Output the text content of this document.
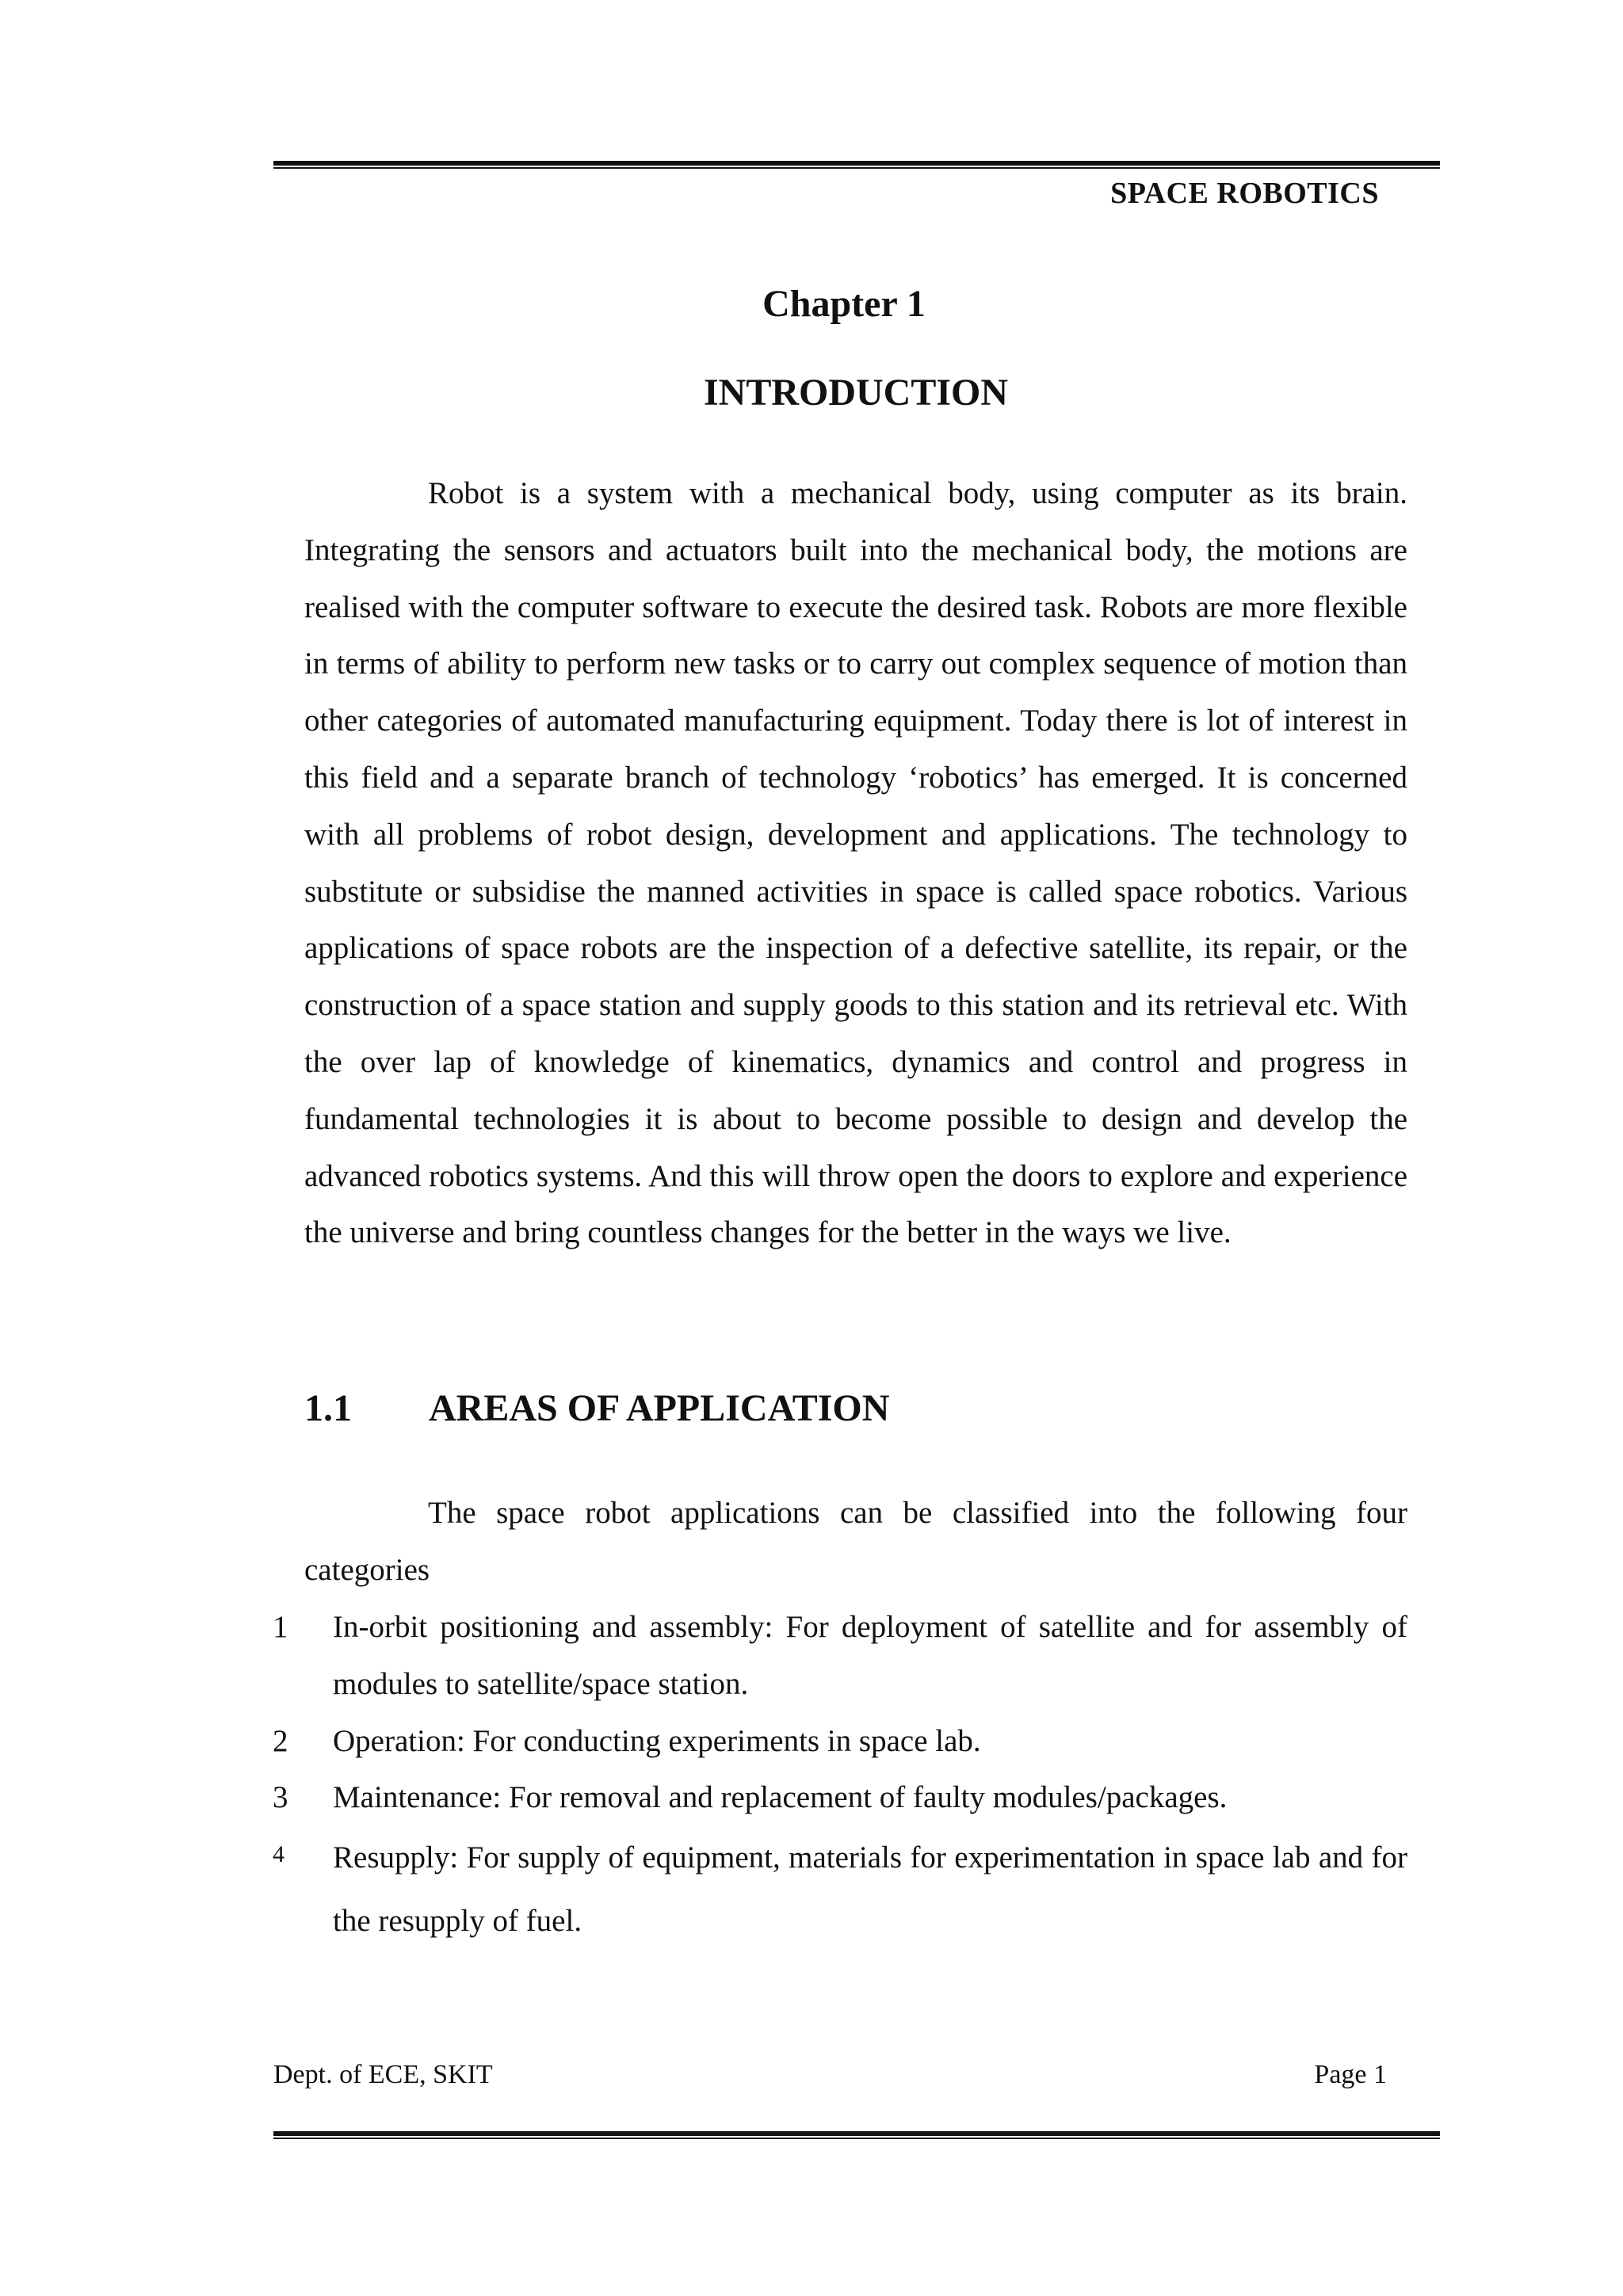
SPACE ROBOTICS
Chapter 1
INTRODUCTION

Robot is a system with a mechanical body, using computer as its brain. Integrating the sensors and actuators built into the mechanical body, the motions are realised with the computer software to execute the desired task. Robots are more flexible in terms of ability to perform new tasks or to carry out complex sequence of motion than other categories of automated manufacturing equipment. Today there is lot of interest in this field and a separate branch of technology ‘robotics’ has emerged. It is concerned with all problems of robot design, development and applications. The technology to substitute or subsidise the manned activities in space is called space robotics. Various applications of space robots are the inspection of a defective satellite, its repair, or the construction of a space station and supply goods to this station and its retrieval etc. With the over lap of knowledge of kinematics, dynamics and control and progress in fundamental technologies it is about to become possible to design and develop the advanced robotics systems. And this will throw open the doors to explore and experience the universe and bring countless changes for the better in the ways we live.

1.1	AREAS OF APPLICATION

The space robot applications can be classified into the following four categories

1	In-orbit positioning and assembly: For deployment of satellite and for assembly of modules to satellite/space station.
2	Operation: For conducting experiments in space lab.
3	Maintenance: For removal and replacement of faulty modules/packages.
4	Resupply: For supply of equipment, materials for experimentation in space lab and for the resupply of fuel.
Dept. of ECE, SKIT	Page 1
